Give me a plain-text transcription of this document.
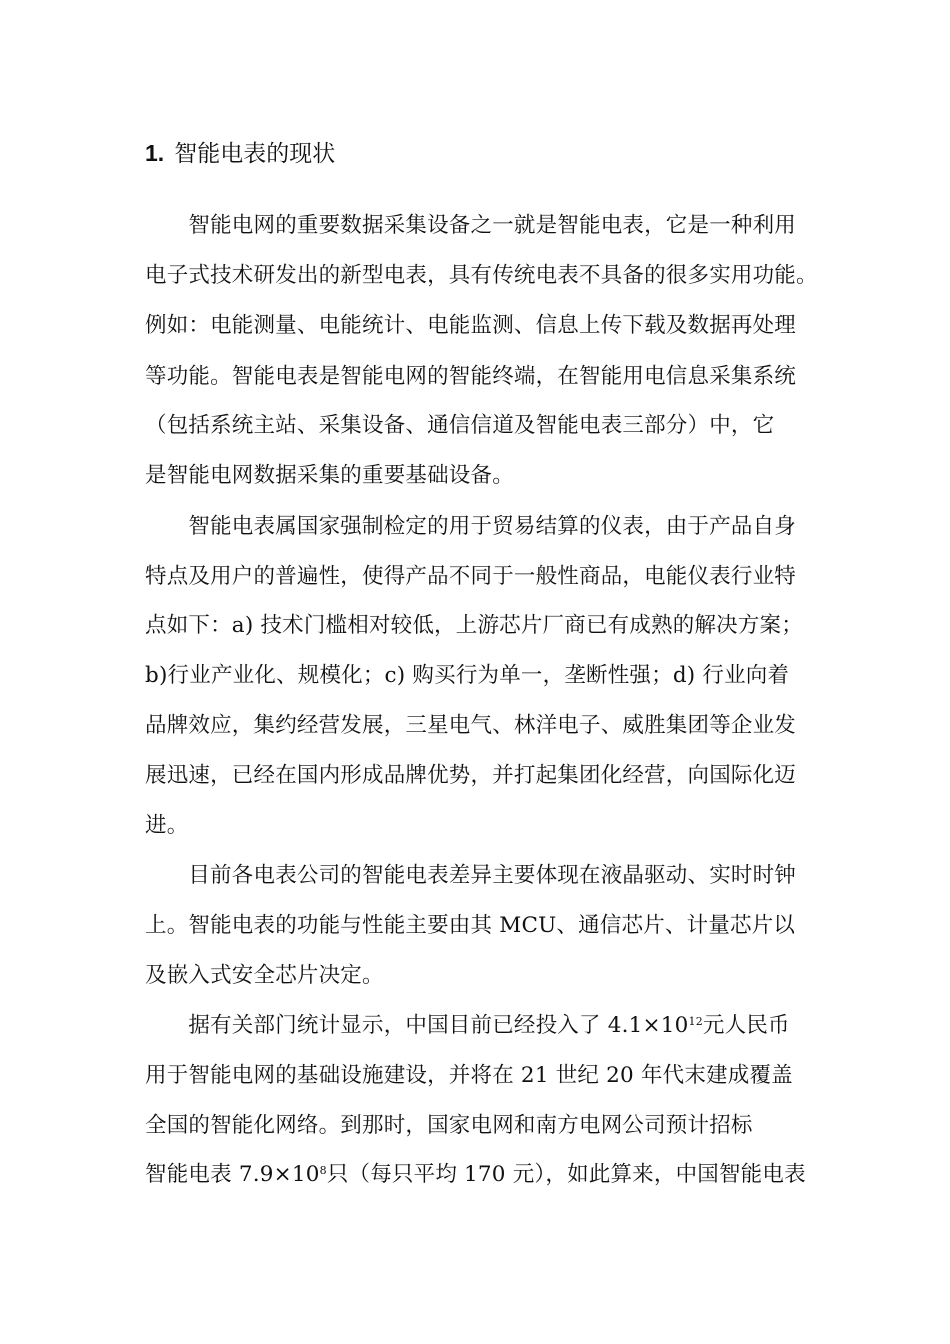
1. 智能电表的现状
　　智能电网的重要数据采集设备之一就是智能电表，它是一种利用
电子式技术研发出的新型电表，具有传统电表不具备的很多实用功能。
例如：电能测量、电能统计、电能监测、信息上传下载及数据再处理
等功能。智能电表是智能电网的智能终端，在智能用电信息采集系统
（包括系统主站、采集设备、通信信道及智能电表三部分）中，它
是智能电网数据采集的重要基础设备。
　　智能电表属国家强制检定的用于贸易结算的仪表，由于产品自身
特点及用户的普遍性，使得产品不同于一般性商品，电能仪表行业特
点如下：a) 技术门槛相对较低，上游芯片厂商已有成熟的解决方案；
b)行业产业化、规模化；c) 购买行为单一，垄断性强；d) 行业向着
品牌效应，集约经营发展，三星电气、林洋电子、威胜集团等企业发
展迅速，已经在国内形成品牌优势，并打起集团化经营，向国际化迈
进。
　　目前各电表公司的智能电表差异主要体现在液晶驱动、实时时钟
上。智能电表的功能与性能主要由其 MCU、通信芯片、计量芯片以
及嵌入式安全芯片决定。
　　据有关部门统计显示，中国目前已经投入了 $4.1\times 10^{12}$元人民币
用于智能电网的基础设施建设，并将在 21 世纪 20 年代末建成覆盖
全国的智能化网络。到那时，国家电网和南方电网公司预计招标
智能电表 $7.9\times 10^8$只（每只平均 170 元），如此算来，中国智能电表
